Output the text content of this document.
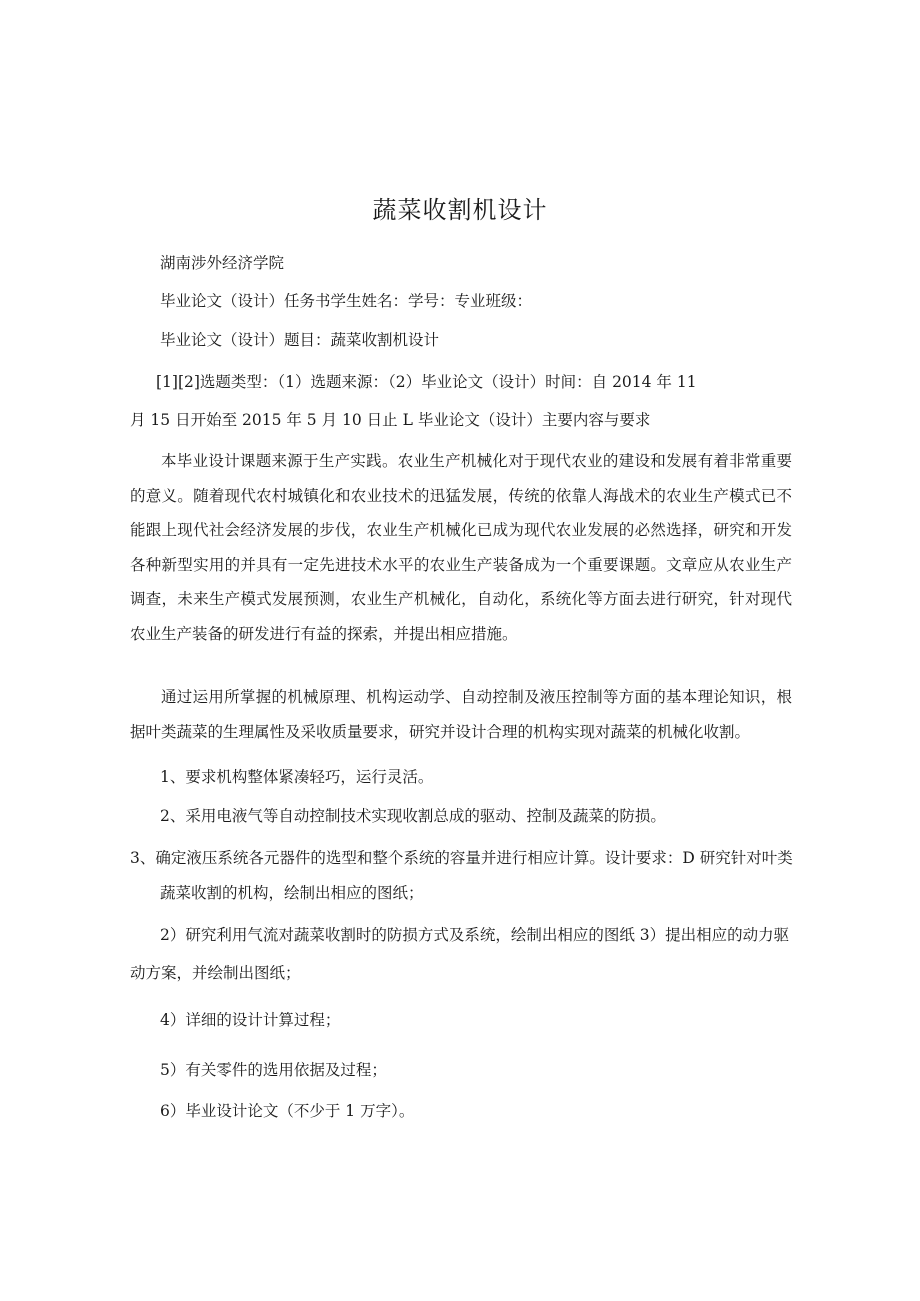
蔬菜收割机设计
湖南涉外经济学院
毕业论文（设计）任务书学生姓名：学号：专业班级：
毕业论文（设计）题目：蔬菜收割机设计
[1][2]选题类型：（1）选题来源：（2）毕业论文（设计）时间：自 2014 年 11
月 15 日开始至 2015 年 5 月 10 日止 L 毕业论文（设计）主要内容与要求
本毕业设计课题来源于生产实践。农业生产机械化对于现代农业的建设和发展有着非常重要的意义。随着现代农村城镇化和农业技术的迅猛发展，传统的依靠人海战术的农业生产模式已不能跟上现代社会经济发展的步伐，农业生产机械化已成为现代农业发展的必然选择，研究和开发各种新型实用的并具有一定先进技术水平的农业生产装备成为一个重要课题。文章应从农业生产调查，未来生产模式发展预测，农业生产机械化，自动化，系统化等方面去进行研究，针对现代农业生产装备的研发进行有益的探索，并提出相应措施。
通过运用所掌握的机械原理、机构运动学、自动控制及液压控制等方面的基本理论知识，根据叶类蔬菜的生理属性及采收质量要求，研究并设计合理的机构实现对蔬菜的机械化收割。
1、要求机构整体紧凑轻巧，运行灵活。
2、采用电液气等自动控制技术实现收割总成的驱动、控制及蔬菜的防损。
3、确定液压系统各元器件的选型和整个系统的容量并进行相应计算。设计要求：D 研究针对叶类
蔬菜收割的机构，绘制出相应的图纸；
2）研究利用气流对蔬菜收割时的防损方式及系统，绘制出相应的图纸 3）提出相应的动力驱
动方案，并绘制出图纸；
4）详细的设计计算过程；
5）有关零件的选用依据及过程；
6）毕业设计论文（不少于 1 万字）。
